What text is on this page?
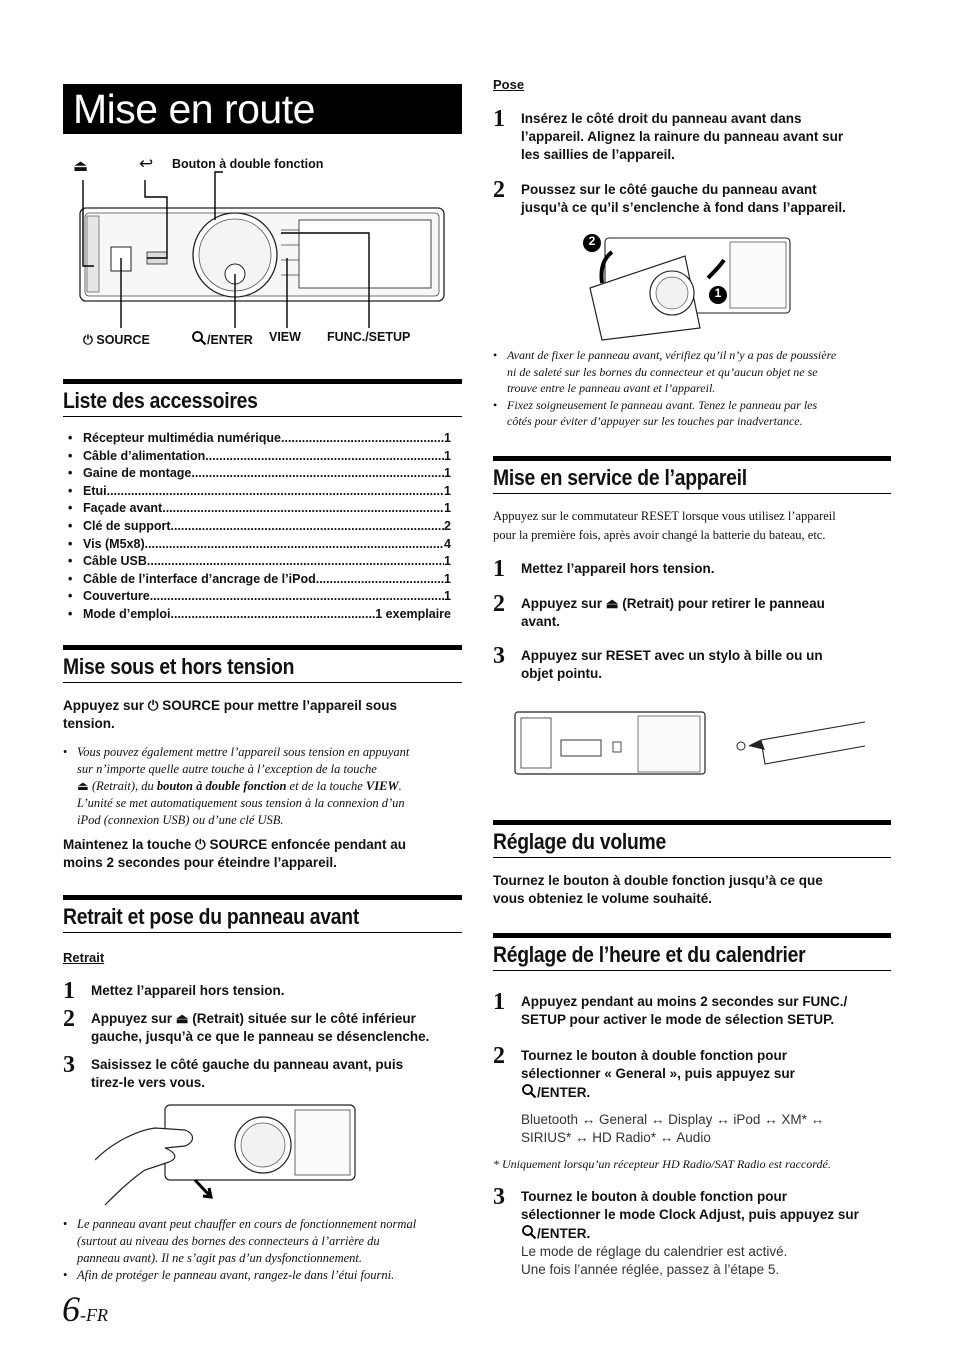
Mise en route
⏏	↩ Bouton à double fonction
⏻ SOURCE	/ENTER VIEW FUNC./SETUP
Liste des accessoires
• Récepteur multimédia numérique .....	1
• Câble d’alimentation .....	1
• Gaine de montage .....	1
• Etui .....	1
• Façade avant .....	1
• Clé de support .....	2
• Vis (M5x8) .....	4
• Câble USB .....	1
• Câble de l’interface d’ancrage de l’iPod .....	1
• Couverture .....	1
• Mode d’emploi .....	1 exemplaire
Mise sous et hors tension
Appuyez sur ⏻ SOURCE pour mettre l’appareil sous
tension.
• Vous pouvez également mettre l’appareil sous tension en appuyant
sur n’importe quelle autre touche à l’exception de la touche
⏏ (Retrait), du bouton à double fonction et de la touche VIEW.
L’unité se met automatiquement sous tension à la connexion d’un
iPod (connexion USB) ou d’une clé USB.
Maintenez la touche ⏻ SOURCE enfoncée pendant au
moins 2 secondes pour éteindre l’appareil.
Retrait et pose du panneau avant
Retrait
1 Mettez l’appareil hors tension.
2 Appuyez sur ⏏ (Retrait) située sur le côté inférieur
gauche, jusqu’à ce que le panneau se désenclenche.
3 Saisissez le côté gauche du panneau avant, puis
tirez-le vers vous.
• Le panneau avant peut chauffer en cours de fonctionnement normal
(surtout au niveau des bornes des connecteurs à l’arrière du
panneau avant). Il ne s’agit pas d’un dysfonctionnement.
• Afin de protéger le panneau avant, rangez-le dans l’étui fourni.
6-FR
Pose
1 Insérez le côté droit du panneau avant dans
l’appareil. Alignez la rainure du panneau avant sur
les saillies de l’appareil.
2 Poussez sur le côté gauche du panneau avant
jusqu’à ce qu’il s’enclenche à fond dans l’appareil.
2
1
• Avant de fixer le panneau avant, vérifiez qu’il n’y a pas de poussière
ni de saleté sur les bornes du connecteur et qu’aucun objet ne se
trouve entre le panneau avant et l’appareil.
• Fixez soigneusement le panneau avant. Tenez le panneau par les
côtés pour éviter d’appuyer sur les touches par inadvertance.
Mise en service de l’appareil
Appuyez sur le commutateur RESET lorsque vous utilisez l’appareil
pour la première fois, après avoir changé la batterie du bateau, etc.
1 Mettez l’appareil hors tension.
2 Appuyez sur ⏏ (Retrait) pour retirer le panneau
avant.
3 Appuyez sur RESET avec un stylo à bille ou un
objet pointu.
Réglage du volume
Tournez le bouton à double fonction jusqu’à ce que
vous obteniez le volume souhaité.
Réglage de l’heure et du calendrier
1 Appuyez pendant au moins 2 secondes sur FUNC./
SETUP pour activer le mode de sélection SETUP.
2 Tournez le bouton à double fonction pour
sélectionner « General », puis appuyez sur
/ENTER.
Bluetooth ↔ General ↔ Display ↔ iPod ↔ XM* ↔
SIRIUS* ↔ HD Radio* ↔ Audio
* Uniquement lorsqu’un récepteur HD Radio/SAT Radio est raccordé.
3 Tournez le bouton à double fonction pour
sélectionner le mode Clock Adjust, puis appuyez sur
/ENTER.
Le mode de réglage du calendrier est activé.
Une fois l’année réglée, passez à l’étape 5.
